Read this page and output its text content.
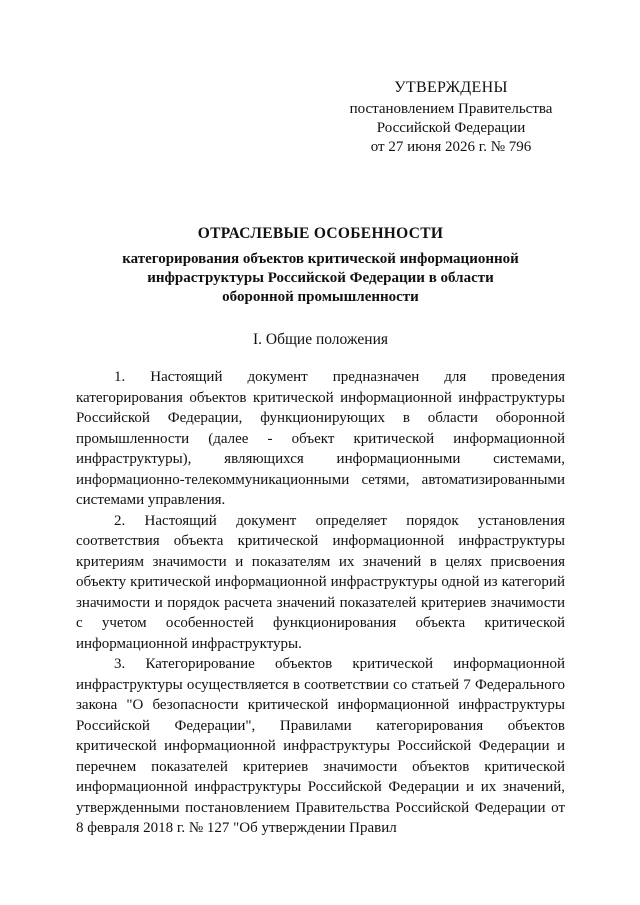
УТВЕРЖДЕНЫ
постановлением Правительства
Российской Федерации
от 27 июня 2026 г. № 796
ОТРАСЛЕВЫЕ ОСОБЕННОСТИ
категорирования объектов критической информационной
инфраструктуры Российской Федерации в области
оборонной промышленности
I. Общие положения

1. Настоящий документ предназначен для проведения категорирования объектов критической информационной инфраструктуры Российской Федерации, функционирующих в области оборонной промышленности (далее - объект критической информационной инфраструктуры), являющихся информационными системами, информационно-телекоммуникационными сетями, автоматизированными системами управления.

2. Настоящий документ определяет порядок установления соответствия объекта критической информационной инфраструктуры критериям значимости и показателям их значений в целях присвоения объекту критической информационной инфраструктуры одной из категорий значимости и порядок расчета значений показателей критериев значимости с учетом особенностей функционирования объекта критической информационной инфраструктуры.

3. Категорирование объектов критической информационной инфраструктуры осуществляется в соответствии со статьей 7 Федерального закона "О безопасности критической информационной инфраструктуры Российской Федерации", Правилами категорирования объектов критической информационной инфраструктуры Российской Федерации и перечнем показателей критериев значимости объектов критической информационной инфраструктуры Российской Федерации и их значений, утвержденными постановлением Правительства Российской Федерации от 8 февраля 2018 г. № 127 "Об утверждении Правил
